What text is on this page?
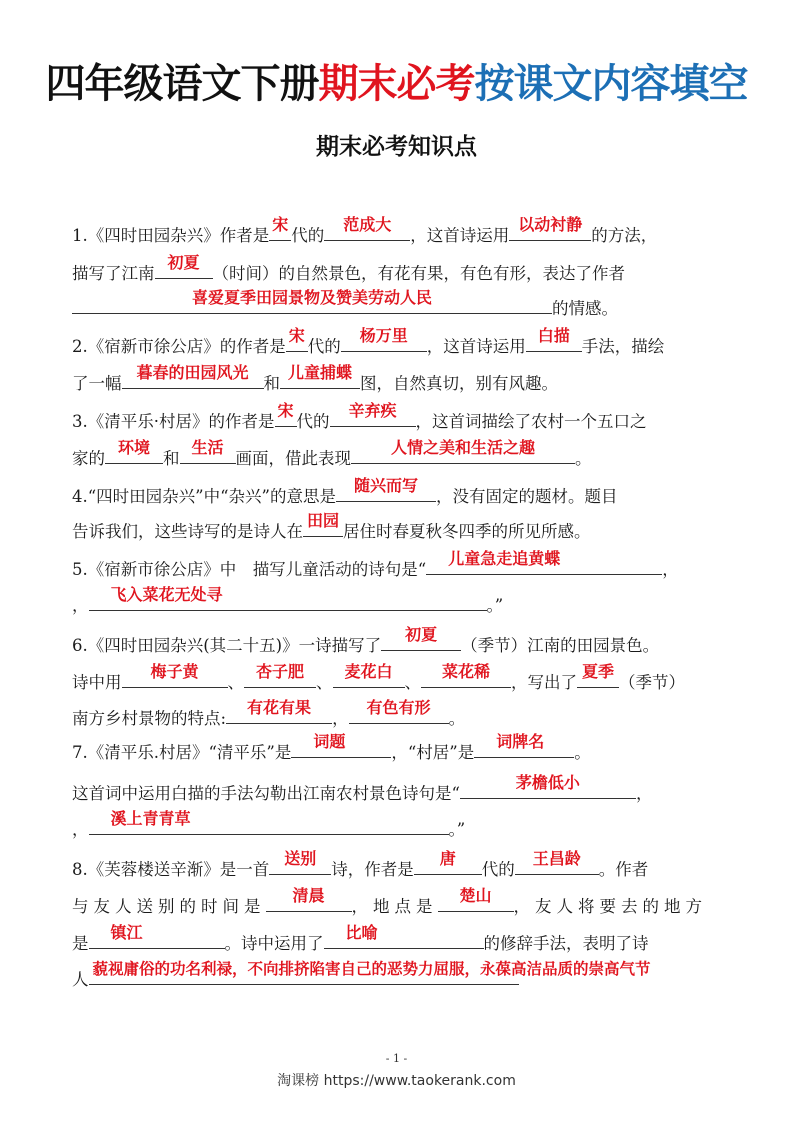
四年级语文下册期末必考按课文内容填空
期末必考知识点
1.《四时田园杂兴》作者是
宋
代的
范成大
，这首诗运用
以动衬静
的方法，
描写了江南
初夏
（时间）的自然景色，有花有果，有色有形，表达了作者
喜爱夏季田园景物及赞美劳动人民
的情感。
2.《宿新市徐公店》的作者是
宋
代的
杨万里
，这首诗运用
白描
手法，描绘
了一幅
暮春的田园风光
和
儿童捕蝶
图，自然真切，别有风趣。
3.《清平乐·村居》的作者是
宋
代的
辛弃疾
，这首词描绘了农村一个五口之
家的
环境
和
生活
画面，借此表现
人情之美和生活之趣
。
4.“四时田园杂兴”中“杂兴”的意思是
随兴而写
，没有固定的题材。题目
告诉我们，这些诗写的是诗人在
田园
居住时春夏秋冬四季的所见所感。
5.《宿新市徐公店》中　描写儿童活动的诗句是“
儿童急走追黄蝶
，
，
飞入菜花无处寻
。”
6.《四时田园杂兴(其二十五)》一诗描写了
初夏
（季节）江南的田园景色。
诗中用
梅子黄
、
杏子肥
、
麦花白
、
菜花稀
，写出了
夏季
（季节）
南方乡村景物的特点:
有花有果
，
有色有形
。
7.《清平乐.村居》“清平乐”是
词题
，“村居”是
词牌名
。
这首词中运用白描的手法勾勒出江南农村景色诗句是“
茅檐低小
，
，
溪上青青草
。”
8.《芙蓉楼送辛渐》是一首
送别
诗，作者是
唐
代的
王昌龄
。作者
与友人送别的时间是
清晨
，地点是
楚山
，友人将要去的地方
是
镇江
。诗中运用了
比喻
的修辞手法，表明了诗
人
藐视庸俗的功名利禄，不向排挤陷害自己的恶势力屈服，永葆高洁品质的崇高气节
- 1 -
淘课榜 https://www.taokerank.com
